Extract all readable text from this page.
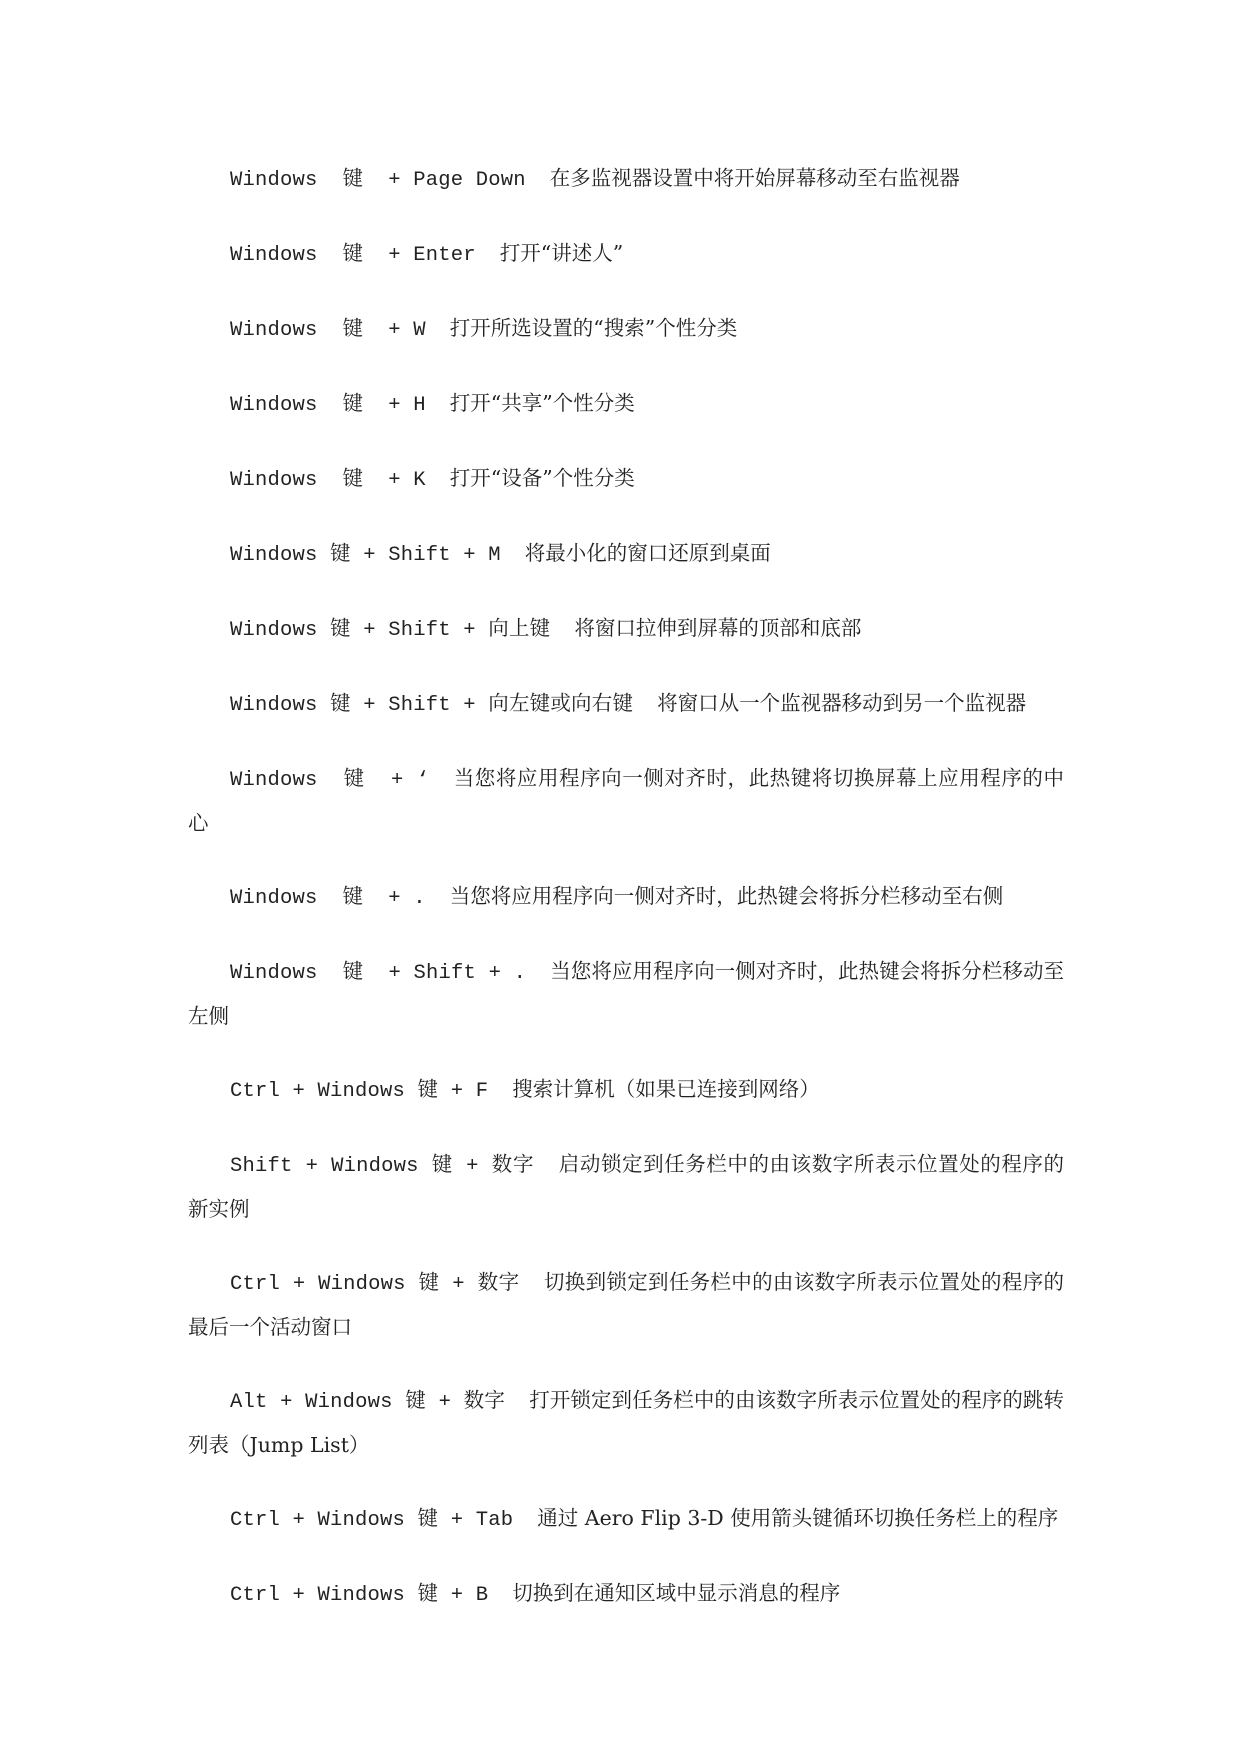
Windows  键  + Page Down 在多监视器设置中将开始屏幕移动至右监视器

Windows  键  + Enter 打开“讲述人”

Windows  键  + W 打开所选设置的“搜索”个性分类

Windows  键  + H 打开“共享”个性分类

Windows  键  + K 打开“设备”个性分类

Windows 键 + Shift + M 将最小化的窗口还原到桌面

Windows 键 + Shift + 向上键 将窗口拉伸到屏幕的顶部和底部

Windows 键 + Shift + 向左键或向右键 将窗口从一个监视器移动到另一个监视器

Windows  键  + ‘ 当您将应用程序向一侧对齐时，此热键将切换屏幕上应用程序的中心

Windows  键  + . 当您将应用程序向一侧对齐时，此热键会将拆分栏移动至右侧

Windows  键  + Shift + . 当您将应用程序向一侧对齐时，此热键会将拆分栏移动至左侧

Ctrl + Windows 键 + F 搜索计算机（如果已连接到网络）

Shift + Windows 键 + 数字 启动锁定到任务栏中的由该数字所表示位置处的程序的新实例

Ctrl + Windows 键 + 数字 切换到锁定到任务栏中的由该数字所表示位置处的程序的最后一个活动窗口

Alt + Windows 键 + 数字 打开锁定到任务栏中的由该数字所表示位置处的程序的跳转列表（Jump List）

Ctrl + Windows 键 + Tab 通过 Aero Flip 3-D 使用箭头键循环切换任务栏上的程序

Ctrl + Windows 键 + B 切换到在通知区域中显示消息的程序
